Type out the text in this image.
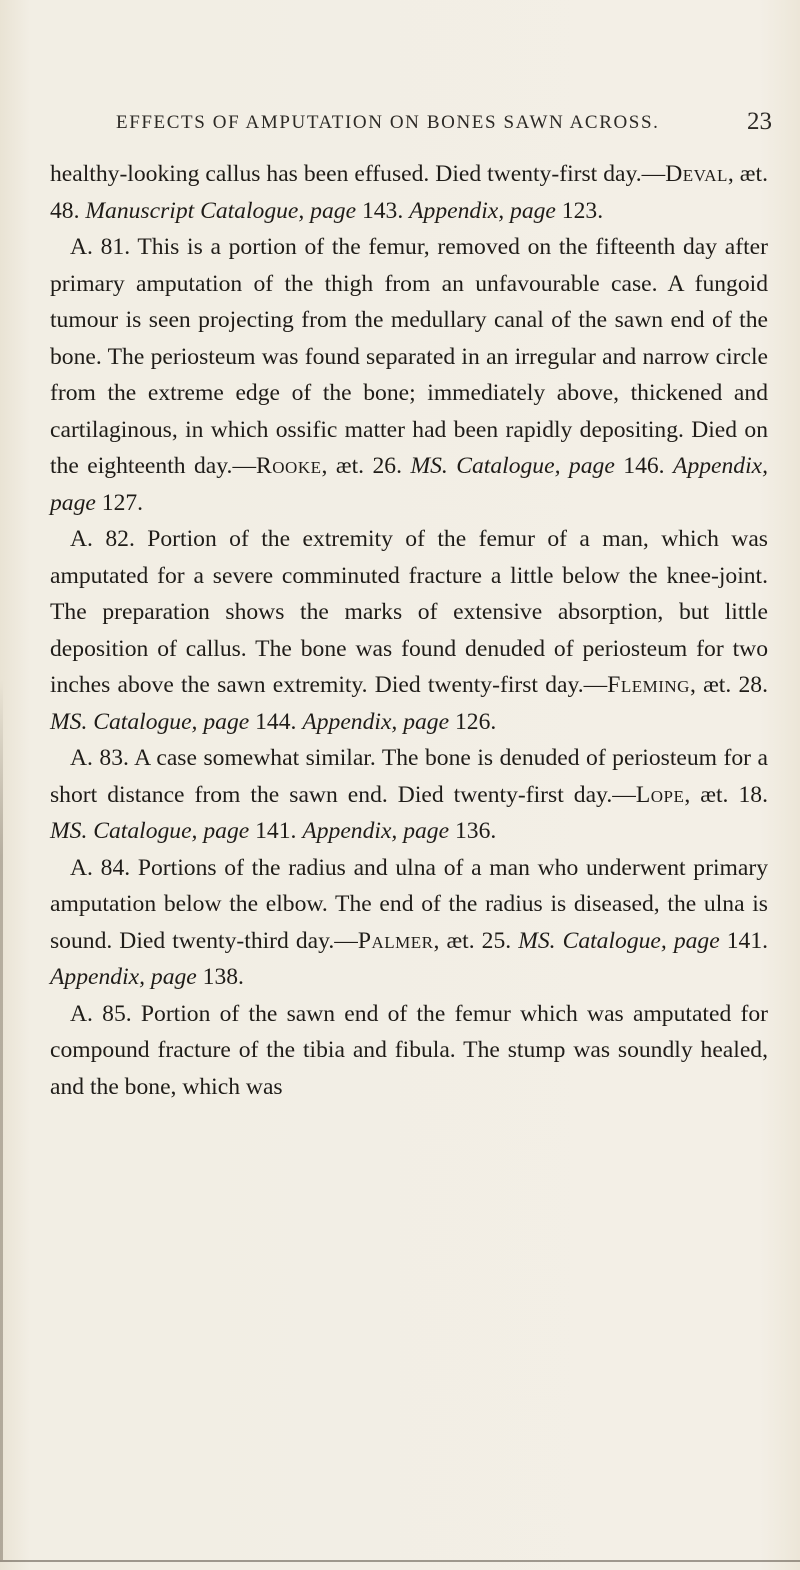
EFFECTS OF AMPUTATION ON BONES SAWN ACROSS.	23

healthy-looking callus has been effused. Died twenty-first day.—Deval, æt. 48. Manuscript Catalogue, page 143. Appendix, page 123.

A. 81. This is a portion of the femur, removed on the fifteenth day after primary amputation of the thigh from an unfavourable case. A fungoid tumour is seen projecting from the medullary canal of the sawn end of the bone. The periosteum was found separated in an irregular and narrow circle from the extreme edge of the bone; immediately above, thickened and cartilaginous, in which ossific matter had been rapidly depositing. Died on the eighteenth day.—Rooke, æt. 26. MS. Catalogue, page 146. Appendix, page 127.

A. 82. Portion of the extremity of the femur of a man, which was amputated for a severe comminuted fracture a little below the knee-joint. The preparation shows the marks of extensive absorption, but little deposition of callus. The bone was found denuded of periosteum for two inches above the sawn extremity. Died twenty-first day.—Fleming, æt. 28. MS. Catalogue, page 144. Appendix, page 126.

A. 83. A case somewhat similar. The bone is denuded of periosteum for a short distance from the sawn end. Died twenty-first day.—Lope, æt. 18. MS. Catalogue, page 141. Appendix, page 136.

A. 84. Portions of the radius and ulna of a man who underwent primary amputation below the elbow. The end of the radius is diseased, the ulna is sound. Died twenty-third day.—Palmer, æt. 25. MS. Catalogue, page 141. Appendix, page 138.

A. 85. Portion of the sawn end of the femur which was amputated for compound fracture of the tibia and fibula. The stump was soundly healed, and the bone, which was
